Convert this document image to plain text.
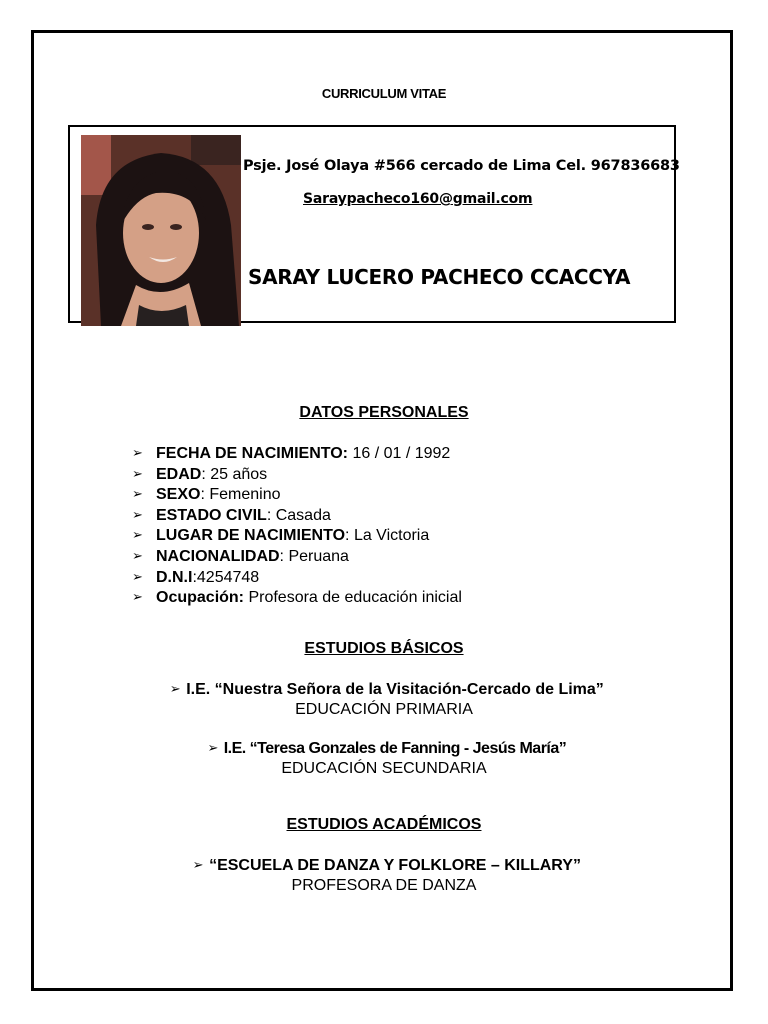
CURRICULUM VITAE
Psje. José Olaya #566 cercado de Lima Cel. 967836683
Saraypacheco160@gmail.com
SARAY LUCERO PACHECO CCACCYA
DATOS PERSONALES
➢ FECHA DE NACIMIENTO: 16 / 01 / 1992
➢ EDAD: 25 años
➢ SEXO: Femenino
➢ ESTADO CIVIL: Casada
➢ LUGAR DE NACIMIENTO: La Victoria
➢ NACIONALIDAD: Peruana
➢ D.N.I:4254748
➢ Ocupación: Profesora de educación inicial
ESTUDIOS BÁSICOS
➢ I.E. “Nuestra Señora de la Visitación-Cercado de Lima”
EDUCACIÓN PRIMARIA
➢ I.E. “Teresa Gonzales de Fanning - Jesús María”
EDUCACIÓN SECUNDARIA
ESTUDIOS ACADÉMICOS
➢ “ESCUELA DE DANZA Y FOLKLORE – KILLARY”
PROFESORA DE DANZA
